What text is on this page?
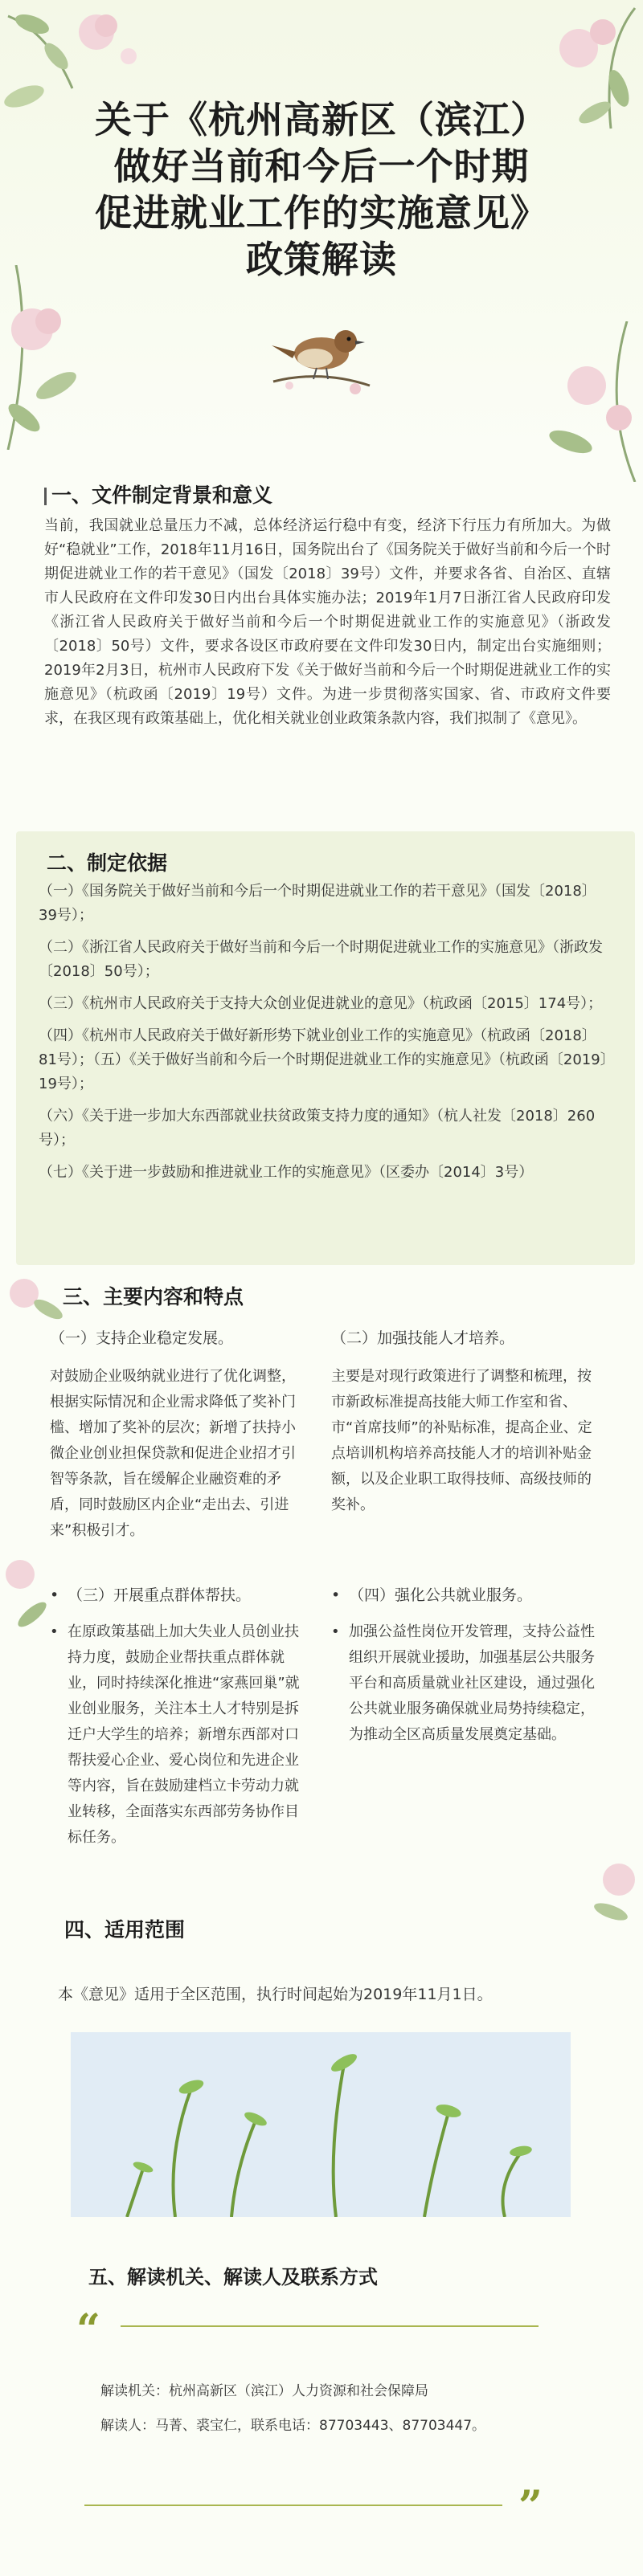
关于《杭州高新区（滨江）
做好当前和今后一个时期
促进就业工作的实施意见》
政策解读
一、文件制定背景和意义
当前，我国就业总量压力不减，总体经济运行稳中有变，经济下行压力有所加大。为做好“稳就业”工作，2018年11月16日，国务院出台了《国务院关于做好当前和今后一个时期促进就业工作的若干意见》（国发〔2018〕39号）文件，并要求各省、自治区、直辖市人民政府在文件印发30日内出台具体实施办法；2019年1月7日浙江省人民政府印发《浙江省人民政府关于做好当前和今后一个时期促进就业工作的实施意见》（浙政发〔2018〕50号）文件，要求各设区市政府要在文件印发30日内，制定出台实施细则；2019年2月3日，杭州市人民政府下发《关于做好当前和今后一个时期促进就业工作的实施意见》（杭政函〔2019〕19号）文件。为进一步贯彻落实国家、省、市政府文件要求，在我区现有政策基础上，优化相关就业创业政策条款内容，我们拟制了《意见》。
二、制定依据

（一）《国务院关于做好当前和今后一个时期促进就业工作的若干意见》（国发〔2018〕39号）；

（二）《浙江省人民政府关于做好当前和今后一个时期促进就业工作的实施意见》（浙政发〔2018〕50号）；

（三）《杭州市人民政府关于支持大众创业促进就业的意见》（杭政函〔2015〕174号）；

（四）《杭州市人民政府关于做好新形势下就业创业工作的实施意见》（杭政函〔2018〕81号）；（五）《关于做好当前和今后一个时期促进就业工作的实施意见》（杭政函〔2019〕19号）；

（六）《关于进一步加大东西部就业扶贫政策支持力度的通知》（杭人社发〔2018〕260号）；

（七）《关于进一步鼓励和推进就业工作的实施意见》（区委办〔2014〕3号）

三、主要内容和特点
（一）支持企业稳定发展。
对鼓励企业吸纳就业进行了优化调整，根据实际情况和企业需求降低了奖补门槛、增加了奖补的层次；新增了扶持小微企业创业担保贷款和促进企业招才引智等条款，旨在缓解企业融资难的矛盾，同时鼓励区内企业“走出去、引进来”积极引才。
（二）加强技能人才培养。
主要是对现行政策进行了调整和梳理，按市新政标准提高技能大师工作室和省、市“首席技师”的补贴标准，提高企业、定点培训机构培养高技能人才的培训补贴金额，以及企业职工取得技师、高级技师的奖补。
• （三）开展重点群体帮扶。
• 在原政策基础上加大失业人员创业扶持力度，鼓励企业帮扶重点群体就业，同时持续深化推进“家燕回巢”就业创业服务，关注本土人才特别是拆迁户大学生的培养；新增东西部对口帮扶爱心企业、爱心岗位和先进企业等内容，旨在鼓励建档立卡劳动力就业转移，全面落实东西部劳务协作目标任务。
• （四）强化公共就业服务。
• 加强公益性岗位开发管理，支持公益性组织开展就业援助，加强基层公共服务平台和高质量就业社区建设，通过强化公共就业服务确保就业局势持续稳定，为推动全区高质量发展奠定基础。
四、适用范围
本《意见》适用于全区范围，执行时间起始为2019年11月1日。
五、解读机关、解读人及联系方式
“
解读机关：杭州高新区（滨江）人力资源和社会保障局
解读人：马菁、裘宝仁，联系电话：87703443、87703447。
”
